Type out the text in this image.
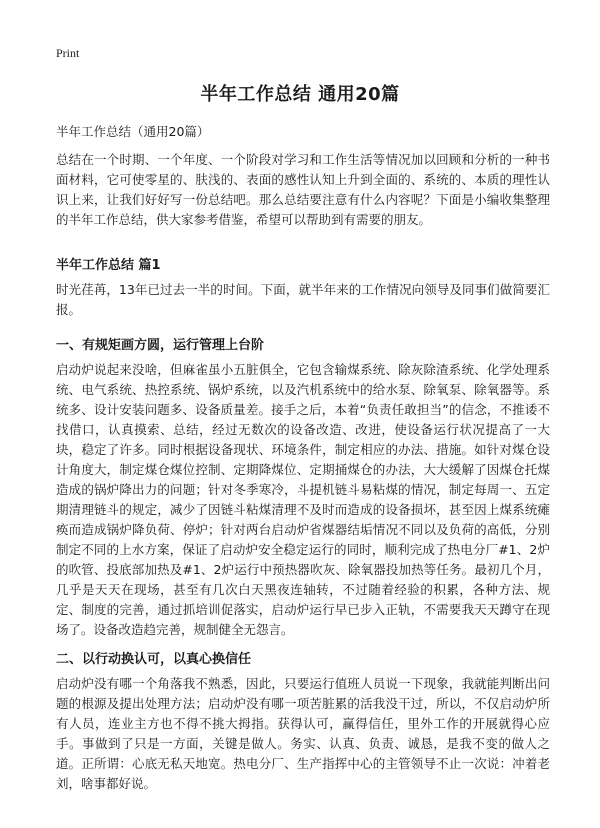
Print
半年工作总结 通用20篇
半年工作总结（通用20篇）

总结在一个时期、一个年度、一个阶段对学习和工作生活等情况加以回顾和分析的一种书面材料，它可使零星的、肤浅的、表面的感性认知上升到全面的、系统的、本质的理性认识上来，让我们好好写一份总结吧。那么总结要注意有什么内容呢？下面是小编收集整理的半年工作总结，供大家参考借鉴，希望可以帮助到有需要的朋友。

半年工作总结 篇1

时光荏苒，13年已过去一半的时间。下面，就半年来的工作情况向领导及同事们做简要汇报。

一、有规矩画方圆，运行管理上台阶

启动炉说起来没啥，但麻雀虽小五脏俱全，它包含输煤系统、除灰除渣系统、化学处理系统、电气系统、热控系统、锅炉系统，以及汽机系统中的给水泵、除氧泵、除氧器等。系统多、设计安装问题多、设备质量差。接手之后，本着“负责任敢担当”的信念，不推诿不找借口，认真摸索、总结，经过无数次的设备改造、改进，使设备运行状况提高了一大块，稳定了许多。同时根据设备现状、环境条件，制定相应的办法、措施。如针对煤仓设计角度大，制定煤仓煤位控制、定期降煤位、定期捅煤仓的办法，大大缓解了因煤仓托煤造成的锅炉降出力的问题；针对冬季寒冷，斗提机链斗易粘煤的情况，制定每周一、五定期清理链斗的规定，减少了因链斗粘煤清理不及时而造成的设备损坏，甚至因上煤系统瘫痪而造成锅炉降负荷、停炉；针对两台启动炉省煤器结垢情况不同以及负荷的高低，分别制定不同的上水方案，保证了启动炉安全稳定运行的同时，顺利完成了热电分厂#1、2炉的吹管、投底部加热及#1、2炉运行中预热器吹灰、除氧器投加热等任务。最初几个月，几乎是天天在现场，甚至有几次白天黑夜连轴转，不过随着经验的积累，各种方法、规定、制度的完善，通过抓培训促落实，启动炉运行早已步入正轨，不需要我天天蹲守在现场了。设备改造趋完善，规制健全无怨言。

二、以行动换认可，以真心换信任

启动炉没有哪一个角落我不熟悉，因此，只要运行值班人员说一下现象，我就能判断出问题的根源及提出处理方法；启动炉没有哪一项苦脏累的活我没干过，所以，不仅启动炉所有人员，连业主方也不得不挑大拇指。获得认可，赢得信任，里外工作的开展就得心应手。事做到了只是一方面，关键是做人。务实、认真、负责、诚恳，是我不变的做人之道。正所谓：心底无私天地宽。热电分厂、生产指挥中心的主管领导不止一次说：冲着老刘，啥事都好说。
